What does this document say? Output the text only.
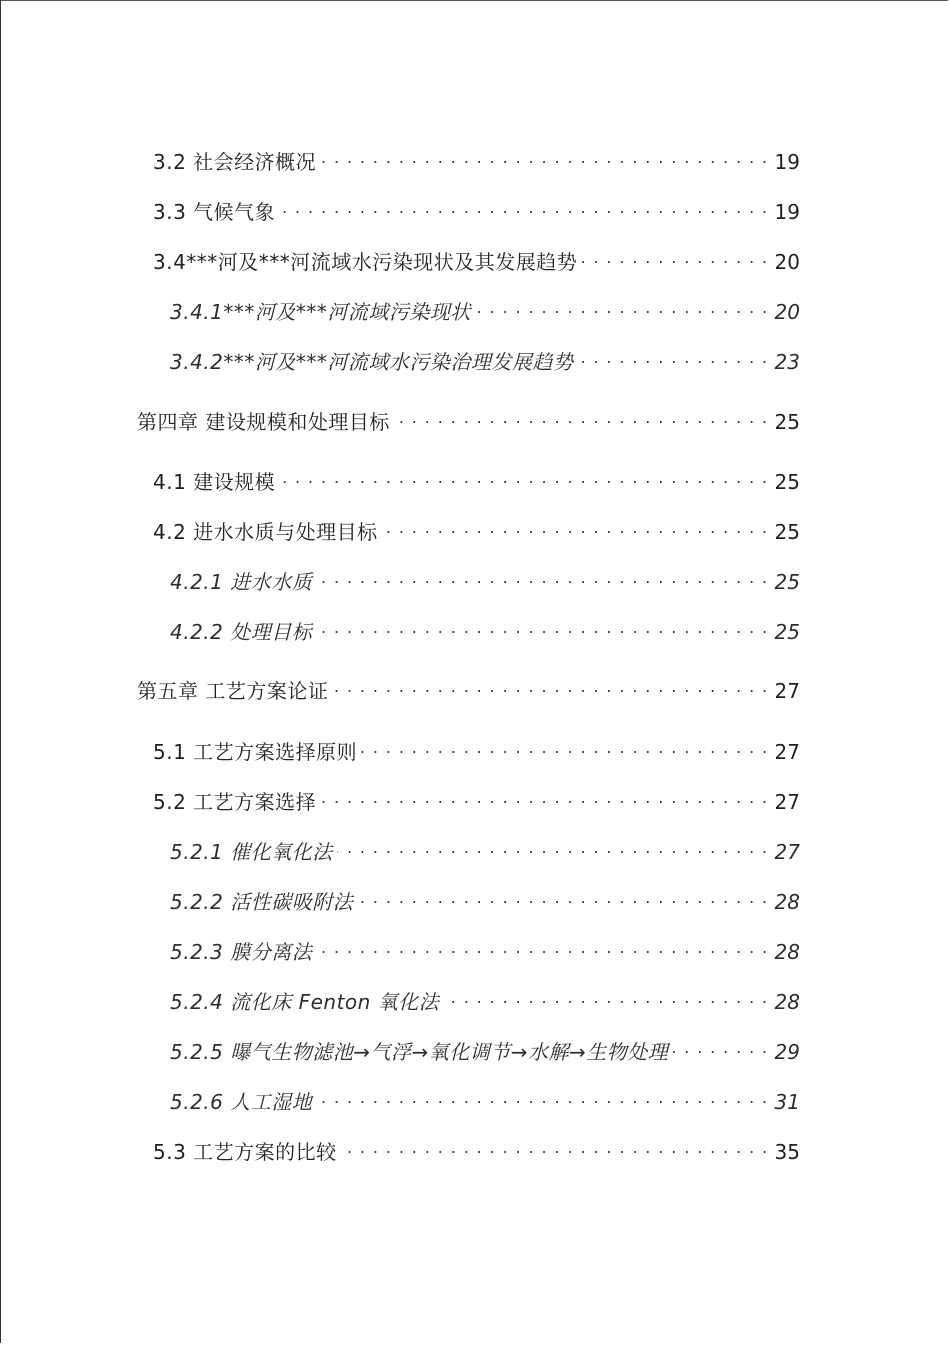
3.2 社会经济概况 . . .	19
3.3 气候气象 . . .	19
3.4***河及***河流域水污染现状及其发展趋势 . . .	20
3.4.1***河及***河流域污染现状 . . .	20
3.4.2***河及***河流域水污染治理发展趋势 . . .	23
第四章 建设规模和处理目标 . . .	25
4.1 建设规模 . . .	25
4.2 进水水质与处理目标 . . .	25
4.2.1 进水水质 . . .	25
4.2.2 处理目标 . . .	25
第五章 工艺方案论证 . . .	27
5.1 工艺方案选择原则 . . .	27
5.2 工艺方案选择 . . .	27
5.2.1 催化氧化法 . . .	27
5.2.2 活性碳吸附法 . . .	28
5.2.3 膜分离法 . . .	28
5.2.4 流化床 Fenton 氧化法 . . .	28
5.2.5 曝气生物滤池→气浮→氧化调节→水解→生物处理 . . .	29
5.2.6 人工湿地 . . .	31
5.3 工艺方案的比较 . . .	35
